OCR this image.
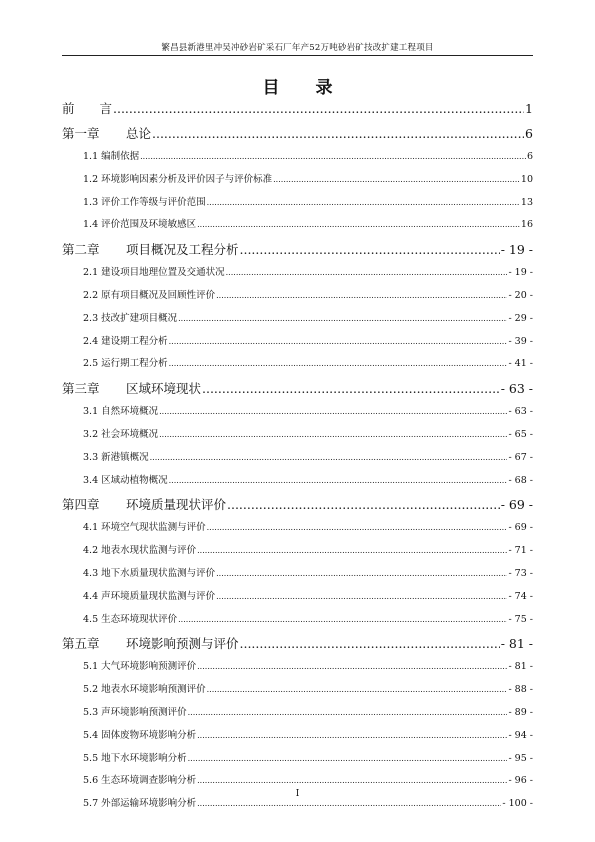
繁昌县新港里冲吴冲砂岩矿采石厂年产52万吨砂岩矿技改扩建工程项目
目 录
前　　言 .....	1
第一章 总论 .....	6
1.1 编制依据 .....	6
1.2 环境影响因素分析及评价因子与评价标准 .....	10
1.3 评价工作等级与评价范围 .....	13
1.4 评价范围及环境敏感区 .....	16
第二章 项目概况及工程分析 .....	- 19 -
2.1 建设项目地理位置及交通状况 .....	- 19 -
2.2 原有项目概况及回顾性评价 .....	- 20 -
2.3 技改扩建项目概况 .....	- 29 -
2.4 建设期工程分析 .....	- 39 -
2.5 运行期工程分析 .....	- 41 -
第三章 区域环境现状 .....	- 63 -
3.1 自然环境概况 .....	- 63 -
3.2 社会环境概况 .....	- 65 -
3.3 新港镇概况 .....	- 67 -
3.4 区域动植物概况 .....	- 68 -
第四章 环境质量现状评价 .....	- 69 -
4.1 环境空气现状监测与评价 .....	- 69 -
4.2 地表水现状监测与评价 .....	- 71 -
4.3 地下水质量现状监测与评价 .....	- 73 -
4.4 声环境质量现状监测与评价 .....	- 74 -
4.5 生态环境现状评价 .....	- 75 -
第五章 环境影响预测与评价 .....	- 81 -
5.1 大气环境影响预测评价 .....	- 81 -
5.2 地表水环境影响预测评价 .....	- 88 -
5.3 声环境影响预测评价 .....	- 89 -
5.4 固体废物环境影响分析 .....	- 94 -
5.5 地下水环境影响分析 .....	- 95 -
5.6 生态环境调查影响分析 .....	- 96 -
5.7 外部运输环境影响分析 .....	- 100 -
I
